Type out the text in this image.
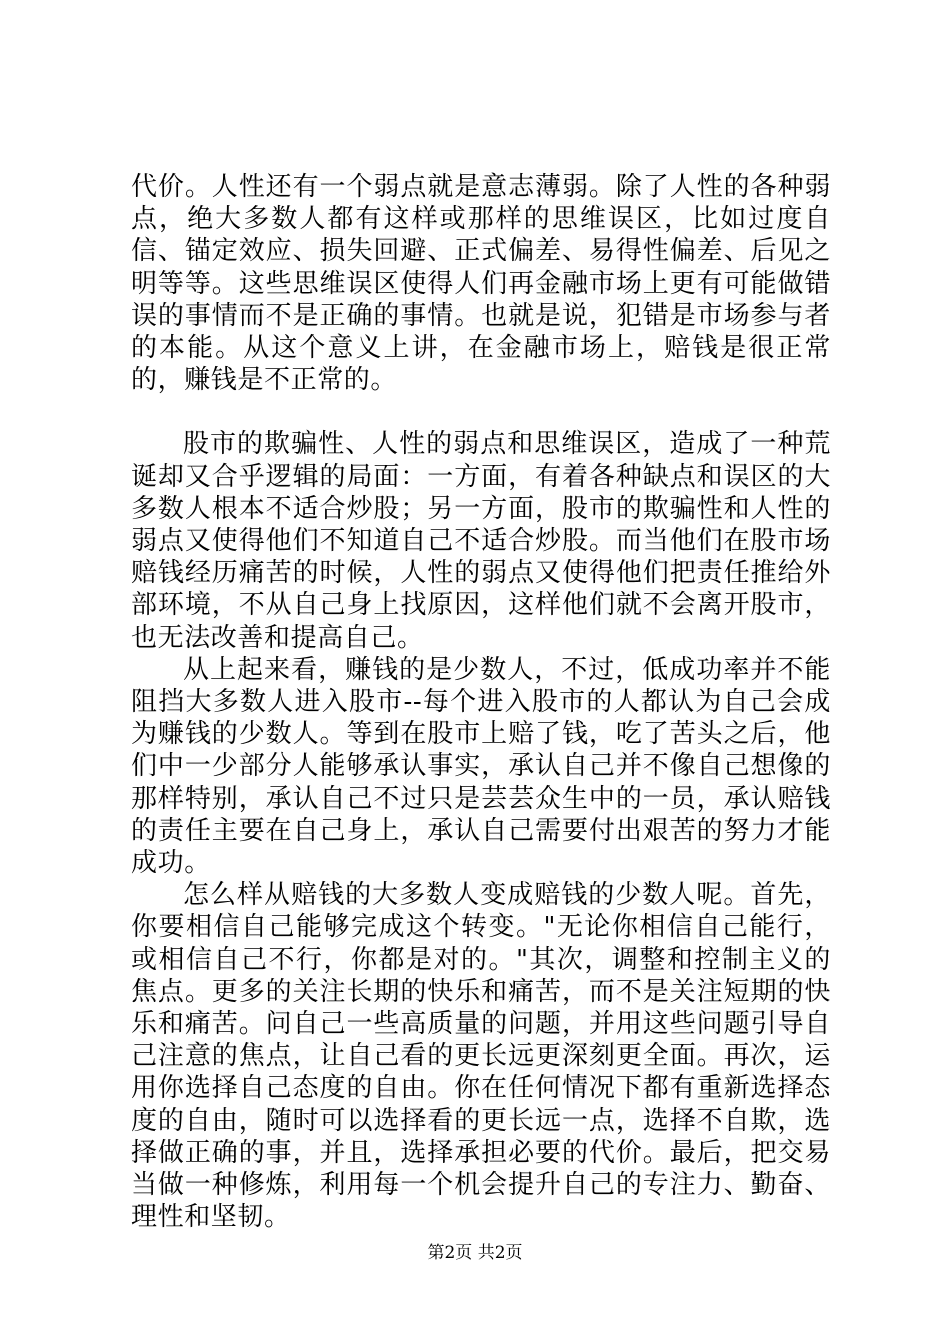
代价。人性还有一个弱点就是意志薄弱。除了人性的各种弱点，绝大多数人都有这样或那样的思维误区，比如过度自信、锚定效应、损失回避、正式偏差、易得性偏差、后见之明等等。这些思维误区使得人们再金融市场上更有可能做错误的事情而不是正确的事情。也就是说，犯错是市场参与者的本能。从这个意义上讲，在金融市场上，赔钱是很正常的，赚钱是不正常的。

股市的欺骗性、人性的弱点和思维误区，造成了一种荒诞却又合乎逻辑的局面：一方面，有着各种缺点和误区的大多数人根本不适合炒股；另一方面，股市的欺骗性和人性的弱点又使得他们不知道自己不适合炒股。而当他们在股市场赔钱经历痛苦的时候，人性的弱点又使得他们把责任推给外部环境，不从自己身上找原因，这样他们就不会离开股市，也无法改善和提高自己。

从上起来看，赚钱的是少数人，不过，低成功率并不能阻挡大多数人进入股市--每个进入股市的人都认为自己会成为赚钱的少数人。等到在股市上赔了钱，吃了苦头之后，他们中一少部分人能够承认事实，承认自己并不像自己想像的那样特别，承认自己不过只是芸芸众生中的一员，承认赔钱的责任主要在自己身上，承认自己需要付出艰苦的努力才能成功。

怎么样从赔钱的大多数人变成赔钱的少数人呢。首先，你要相信自己能够完成这个转变。"无论你相信自己能行，或相信自己不行，你都是对的。"其次，调整和控制主义的焦点。更多的关注长期的快乐和痛苦，而不是关注短期的快乐和痛苦。问自己一些高质量的问题，并用这些问题引导自己注意的焦点，让自己看的更长远更深刻更全面。再次，运用你选择自己态度的自由。你在任何情况下都有重新选择态度的自由，随时可以选择看的更长远一点，选择不自欺，选择做正确的事，并且，选择承担必要的代价。最后，把交易当做一种修炼，利用每一个机会提升自己的专注力、勤奋、理性和坚韧。

第2页 共2页
